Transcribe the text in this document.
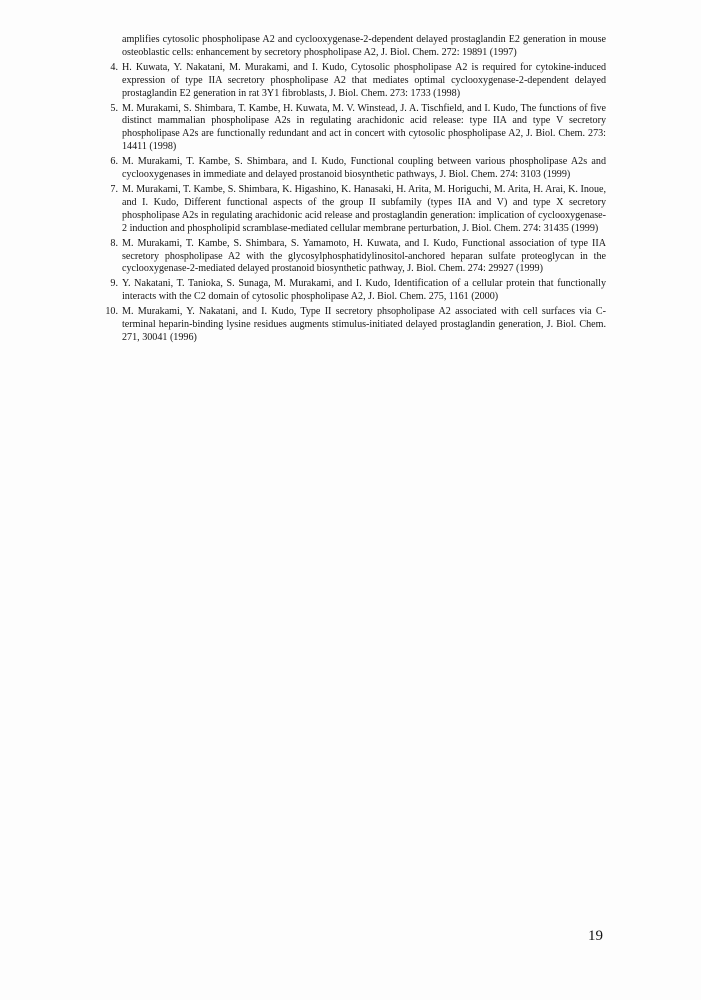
amplifies cytosolic phospholipase A2 and cyclooxygenase-2-dependent delayed prostaglandin E2 generation in mouse osteoblastic cells: enhancement by secretory phospholipase A2, J. Biol. Chem. 272: 19891 (1997)
4. H. Kuwata, Y. Nakatani, M. Murakami, and I. Kudo, Cytosolic phospholipase A2 is required for cytokine-induced expression of type IIA secretory phospholipase A2 that mediates optimal cyclooxygenase-2-dependent delayed prostaglandin E2 generation in rat 3Y1 fibroblasts, J. Biol. Chem. 273: 1733 (1998)
5. M. Murakami, S. Shimbara, T. Kambe, H. Kuwata, M. V. Winstead, J. A. Tischfield, and I. Kudo, The functions of five distinct mammalian phospholipase A2s in regulating arachidonic acid release: type IIA and type V secretory phospholipase A2s are functionally redundant and act in concert with cytosolic phospholipase A2, J. Biol. Chem. 273: 14411 (1998)
6. M. Murakami, T. Kambe, S. Shimbara, and I. Kudo, Functional coupling between various phospholipase A2s and cyclooxygenases in immediate and delayed prostanoid biosynthetic pathways, J. Biol. Chem. 274: 3103 (1999)
7. M. Murakami, T. Kambe, S. Shimbara, K. Higashino, K. Hanasaki, H. Arita, M. Horiguchi, M. Arita, H. Arai, K. Inoue, and I. Kudo, Different functional aspects of the group II subfamily (types IIA and V) and type X secretory phospholipase A2s in regulating arachidonic acid release and prostaglandin generation: implication of cyclooxygenase-2 induction and phospholipid scramblase-mediated cellular membrane perturbation, J. Biol. Chem. 274: 31435 (1999)
8. M. Murakami, T. Kambe, S. Shimbara, S. Yamamoto, H. Kuwata, and I. Kudo, Functional association of type IIA secretory phospholipase A2 with the glycosylphosphatidylinositol-anchored heparan sulfate proteoglycan in the cyclooxygenase-2-mediated delayed prostanoid biosynthetic pathway, J. Biol. Chem. 274: 29927 (1999)
9. Y. Nakatani, T. Tanioka, S. Sunaga, M. Murakami, and I. Kudo, Identification of a cellular protein that functionally interacts with the C2 domain of cytosolic phospholipase A2, J. Biol. Chem. 275, 1161 (2000)
10. M. Murakami, Y. Nakatani, and I. Kudo, Type II secretory phsopholipase A2 associated with cell surfaces via C-terminal heparin-binding lysine residues augments stimulus-initiated delayed prostaglandin generation, J. Biol. Chem. 271, 30041 (1996)
19
